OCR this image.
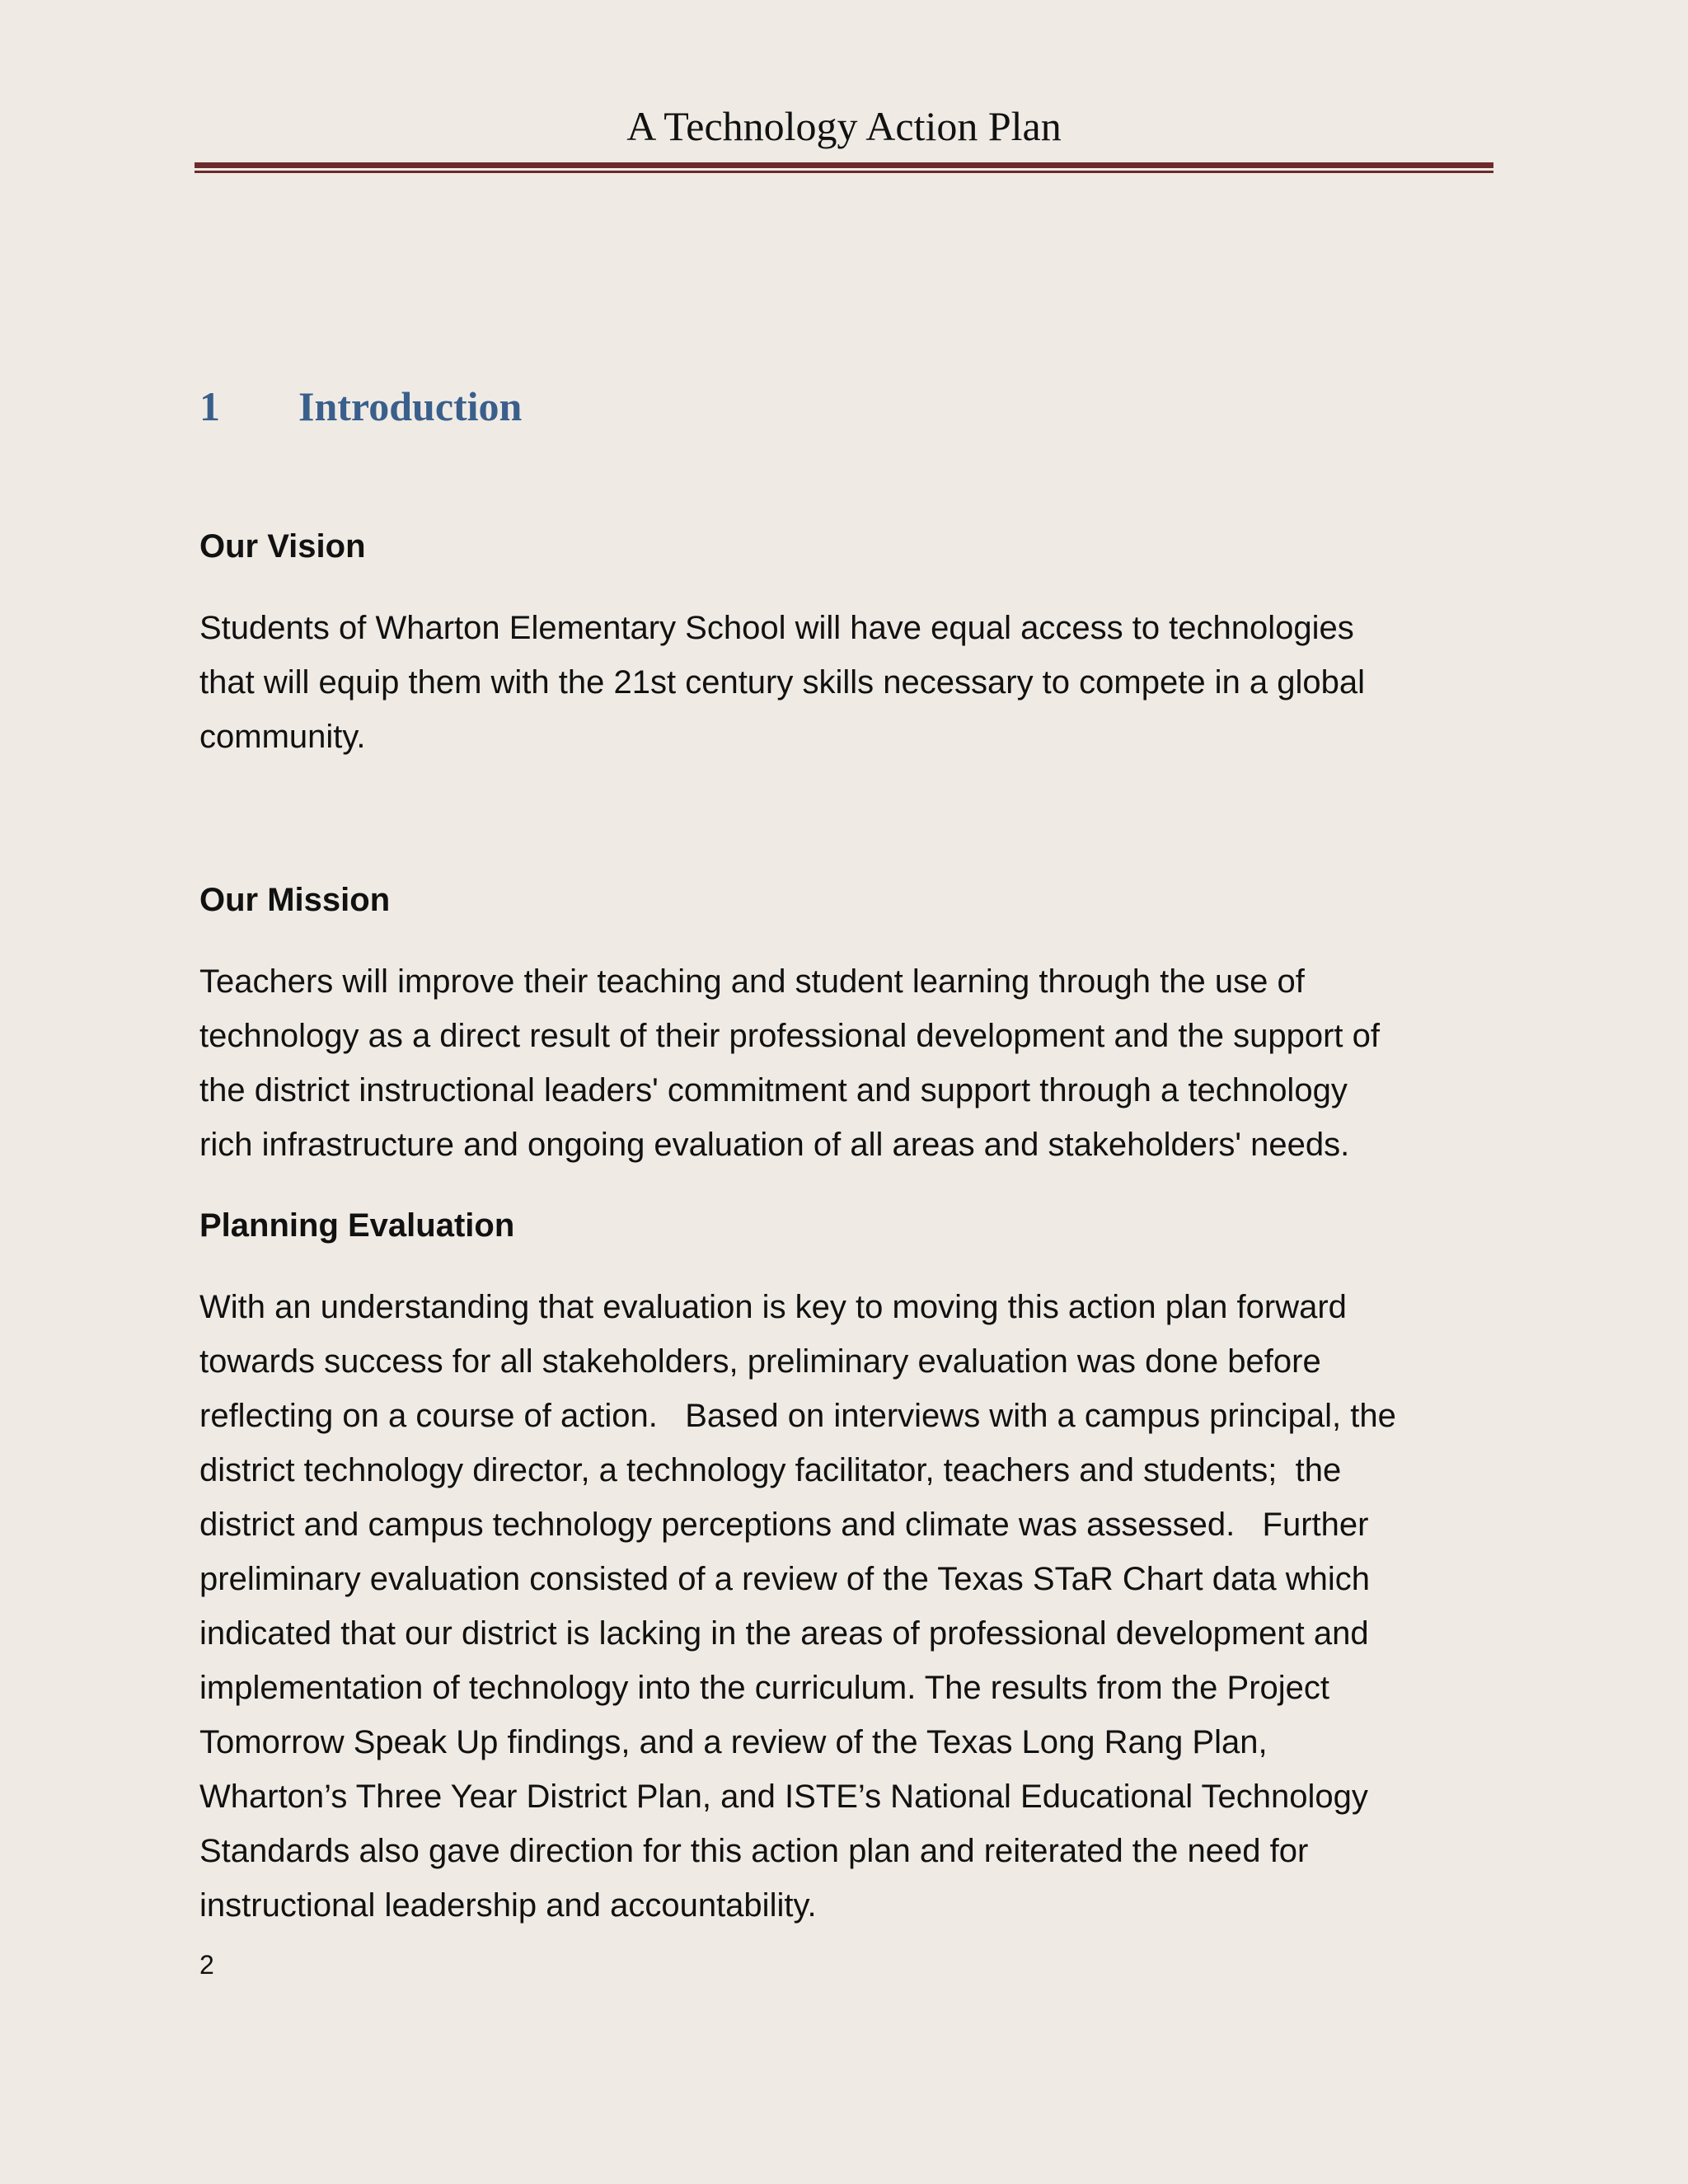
A Technology Action Plan
1 Introduction
Our Vision

Students of Wharton Elementary School will have equal access to technologies
that will equip them with the 21st century skills necessary to compete in a global
community.

Our Mission

Teachers will improve their teaching and student learning through the use of
technology as a direct result of their professional development and the support of
the district instructional leaders' commitment and support through a technology
rich infrastructure and ongoing evaluation of all areas and stakeholders' needs.

Planning Evaluation

With an understanding that evaluation is key to moving this action plan forward
towards success for all stakeholders, preliminary evaluation was done before
reflecting on a course of action.   Based on interviews with a campus principal, the
district technology director, a technology facilitator, teachers and students;  the
district and campus technology perceptions and climate was assessed.   Further
preliminary evaluation consisted of a review of the Texas STaR Chart data which
indicated that our district is lacking in the areas of professional development and
implementation of technology into the curriculum. The results from the Project
Tomorrow Speak Up findings, and a review of the Texas Long Rang Plan,
Wharton’s Three Year District Plan, and ISTE’s National Educational Technology
Standards also gave direction for this action plan and reiterated the need for
instructional leadership and accountability.

2
